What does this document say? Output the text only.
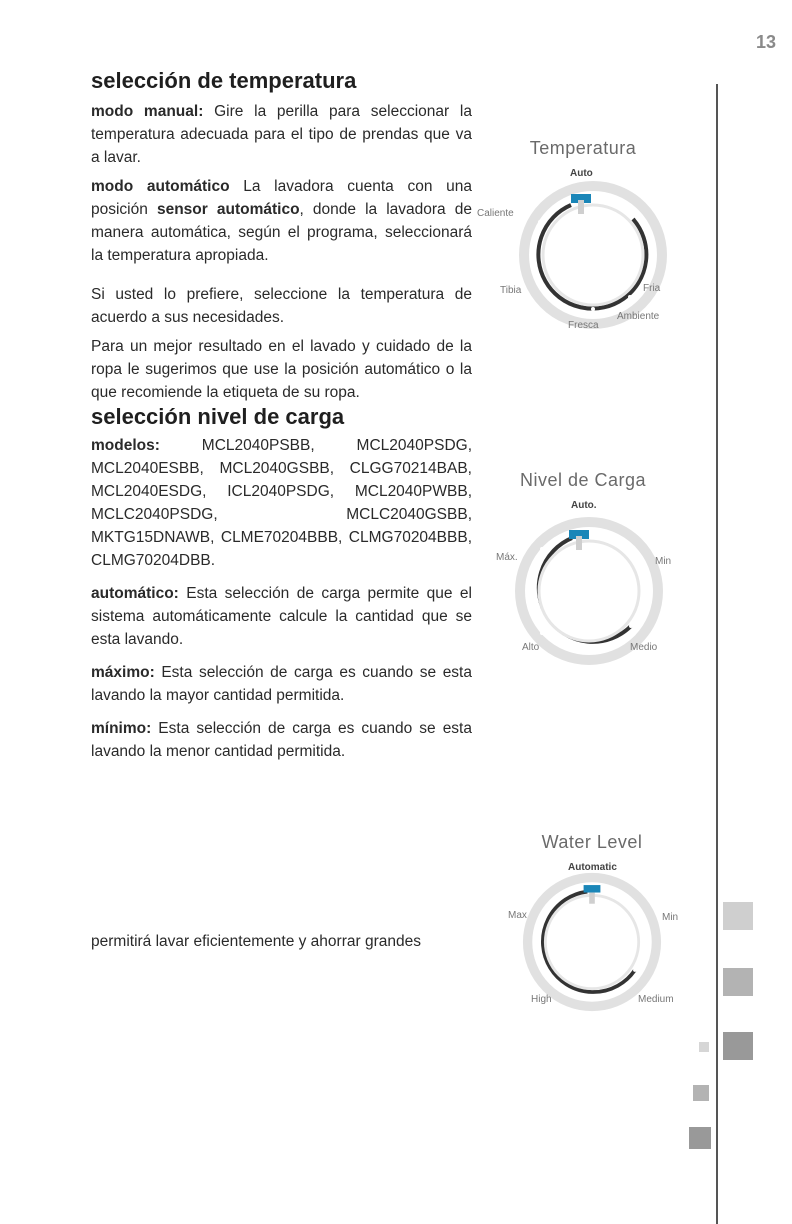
13
selección de temperatura

modo manual: Gire la perilla para seleccionar la temperatura adecuada para el tipo de prendas que va a lavar.

modo automático La lavadora cuenta con una posición sensor automático, donde la lavadora de manera automática, según el programa, seleccionará la temperatura apropiada.

Si usted lo prefiere, seleccione la temperatura de acuerdo a sus necesidades.

Para un mejor resultado en el lavado y cuidado de la ropa le sugerimos que use la posición automático o la que recomiende la etiqueta de su ropa.

selección nivel de carga

modelos: MCL2040PSBB, MCL2040PSDG, MCL2040ESBB, MCL2040GSBB, CLGG70214BAB, MCL2040ESDG, ICL2040PSDG, MCL2040PWBB, MCLC2040PSDG, MCLC2040GSBB, MKTG15DNAWB, CLME70204BBB, CLMG70204BBB, CLMG70204DBB.

automático: Esta selección de carga permite que el sistema automáticamente calcule la cantidad que se esta lavando.

máximo: Esta selección de carga es cuando se esta lavando la mayor cantidad permitida.

mínimo: Esta selección de carga es cuando se esta lavando la menor cantidad permitida.

permitirá lavar eficientemente y ahorrar grandes

Temperatura
Auto
Caliente
Tibia
Fresca
Fria
Ambiente
Nivel de Carga
Auto.
Máx.
Alto
Min
Medio
Water Level
Automatic
Max
High
Min
Medium
